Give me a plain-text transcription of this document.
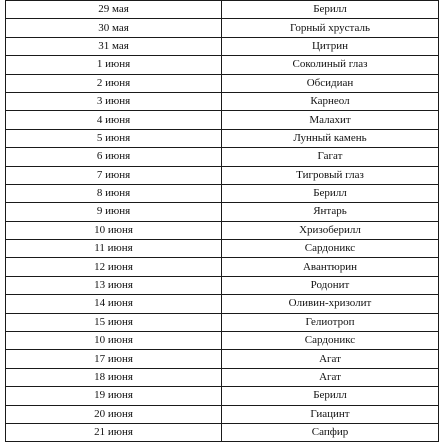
29 мая	Берилл
30 мая	Горный хрусталь
31 мая	Цитрин
1 июня	Соколиный глаз
2 июня	Обсидиан
3 июня	Карнеол
4 июня	Малахит
5 июня	Лунный камень
6 июня	Гагат
7 июня	Тигровый глаз
8 июня	Берилл
9 июня	Янтарь
10 июня	Хризоберилл
11 июня	Сардоникс
12 июня	Авантюрин
13 июня	Родонит
14 июня	Оливин-хризолит
15 июня	Гелиотроп
10 июня	Сардоникс
17 июня	Агат
18 июня	Агат
19 июня	Берилл
20 июня	Гиацинт
21 июня	Сапфир
